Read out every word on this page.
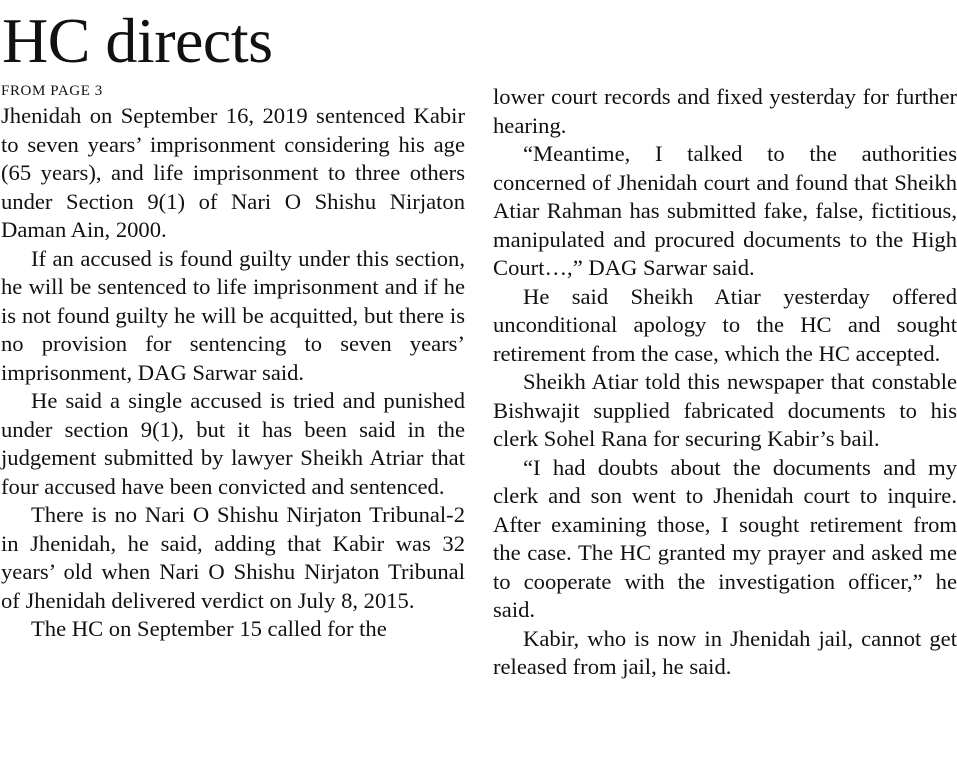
HC directs
FROM PAGE 3

Jhenidah on September 16, 2019 sentenced Kabir to seven years’ imprisonment considering his age (65 years), and life imprisonment to three others under Section 9(1) of Nari O Shishu Nirjaton Daman Ain, 2000.

If an accused is found guilty under this section, he will be sentenced to life imprisonment and if he is not found guilty he will be acquitted, but there is no provision for sentencing to seven years’ imprisonment, DAG Sarwar said.

He said a single accused is tried and punished under section 9(1), but it has been said in the judgement submitted by lawyer Sheikh Atriar that four accused have been convicted and sentenced.

There is no Nari O Shishu Nirjaton Tribunal-2 in Jhenidah, he said, adding that Kabir was 32 years’ old when Nari O Shishu Nirjaton Tribunal of Jhenidah delivered verdict on July 8, 2015.

The HC on September 15 called for the

lower court records and fixed yesterday for further hearing.

“Meantime, I talked to the authorities concerned of Jhenidah court and found that Sheikh Atiar Rahman has submitted fake, false, fictitious, manipulated and procured documents to the High Court…,” DAG Sarwar said.

He said Sheikh Atiar yesterday offered unconditional apology to the HC and sought retirement from the case, which the HC accepted.

Sheikh Atiar told this newspaper that constable Bishwajit supplied fabricated documents to his clerk Sohel Rana for securing Kabir’s bail.

“I had doubts about the documents and my clerk and son went to Jhenidah court to inquire. After examining those, I sought retirement from the case. The HC granted my prayer and asked me to cooperate with the investigation officer,” he said.

Kabir, who is now in Jhenidah jail, cannot get released from jail, he said.
